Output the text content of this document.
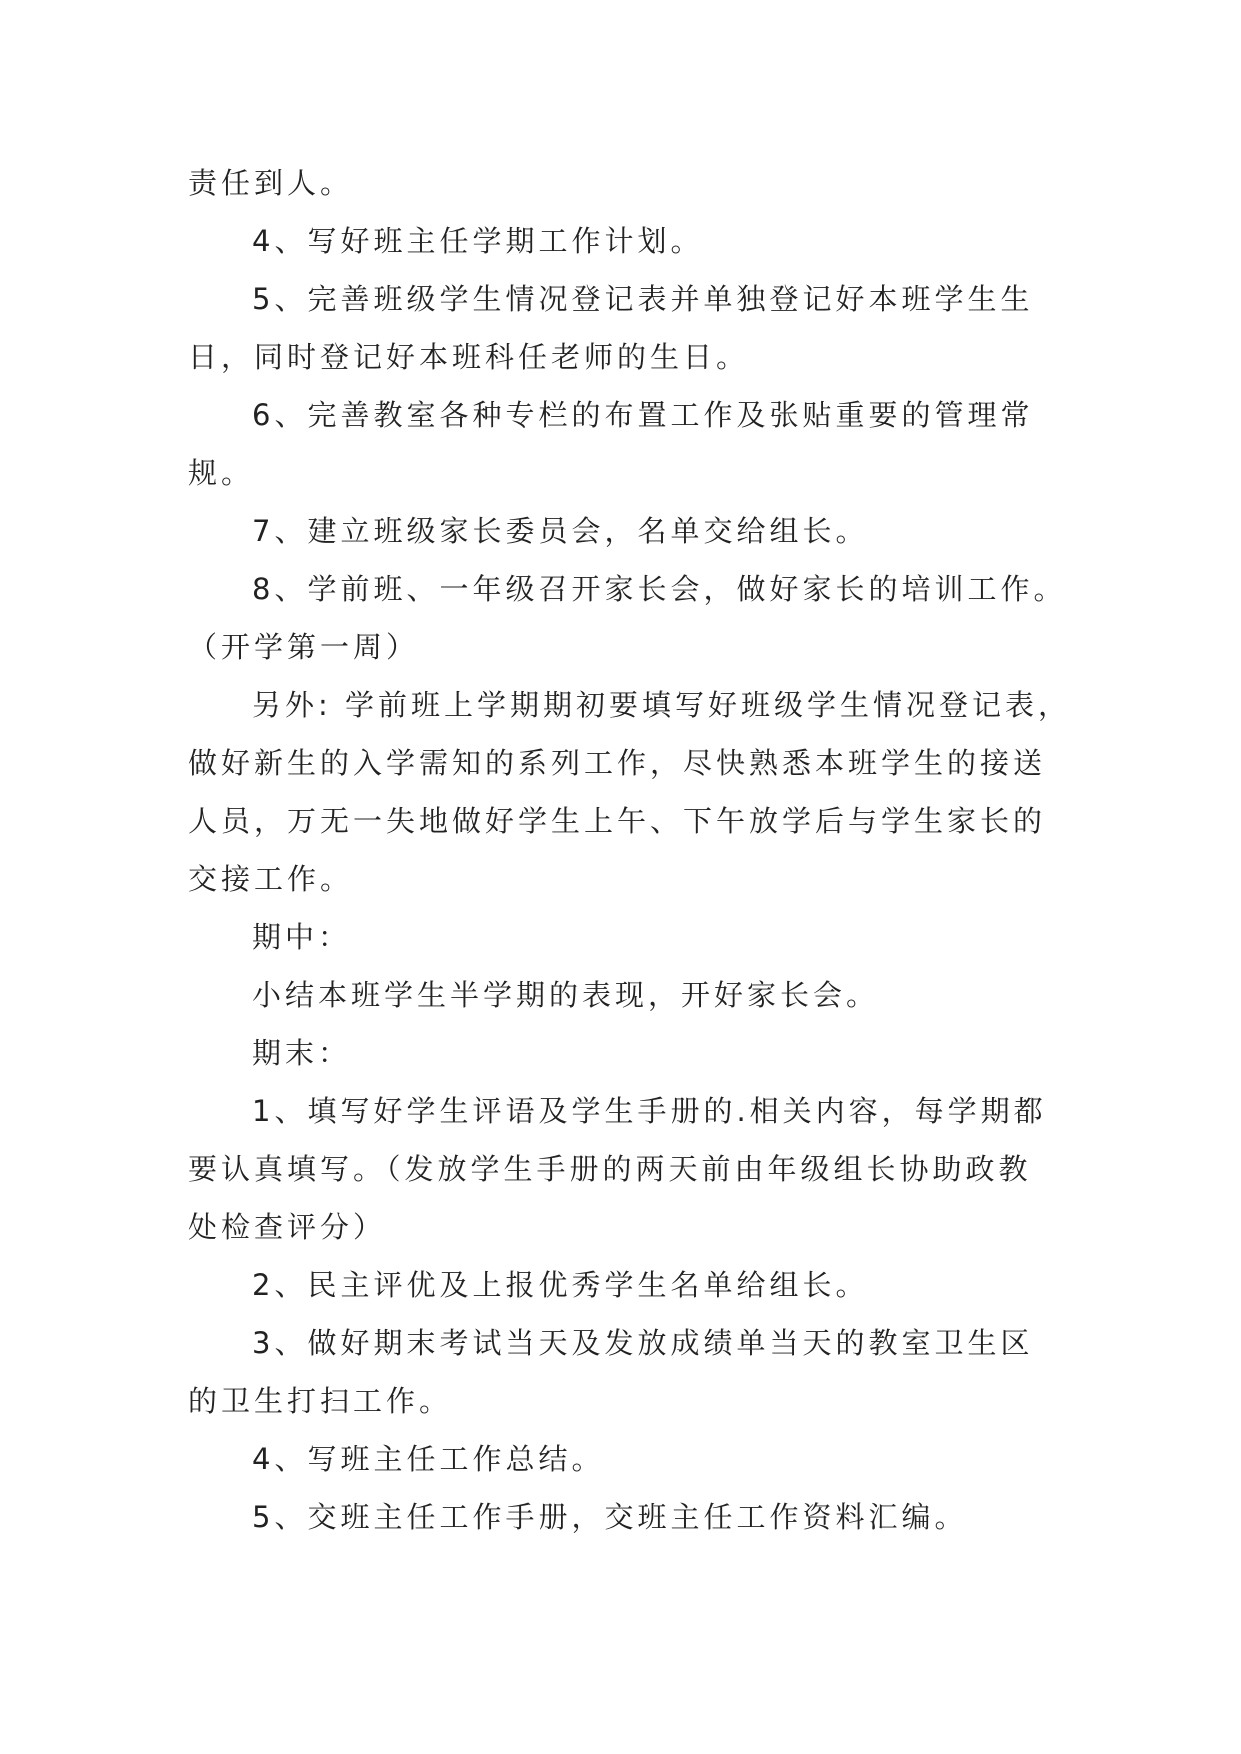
责任到人。
4、写好班主任学期工作计划。
5、完善班级学生情况登记表并单独登记好本班学生生
日，同时登记好本班科任老师的生日。
6、完善教室各种专栏的布置工作及张贴重要的管理常
规。
7、建立班级家长委员会，名单交给组长。
8、学前班、一年级召开家长会，做好家长的培训工作。
（开学第一周）
另外: 学前班上学期期初要填写好班级学生情况登记表，
做好新生的入学需知的系列工作，尽快熟悉本班学生的接送
人员，万无一失地做好学生上午、下午放学后与学生家长的
交接工作。
期中：
小结本班学生半学期的表现，开好家长会。
期末：
1、填写好学生评语及学生手册的.相关内容，每学期都
要认真填写。（发放学生手册的两天前由年级组长协助政教
处检查评分）
2、民主评优及上报优秀学生名单给组长。
3、做好期末考试当天及发放成绩单当天的教室卫生区
的卫生打扫工作。
4、写班主任工作总结。
5、交班主任工作手册，交班主任工作资料汇编。
